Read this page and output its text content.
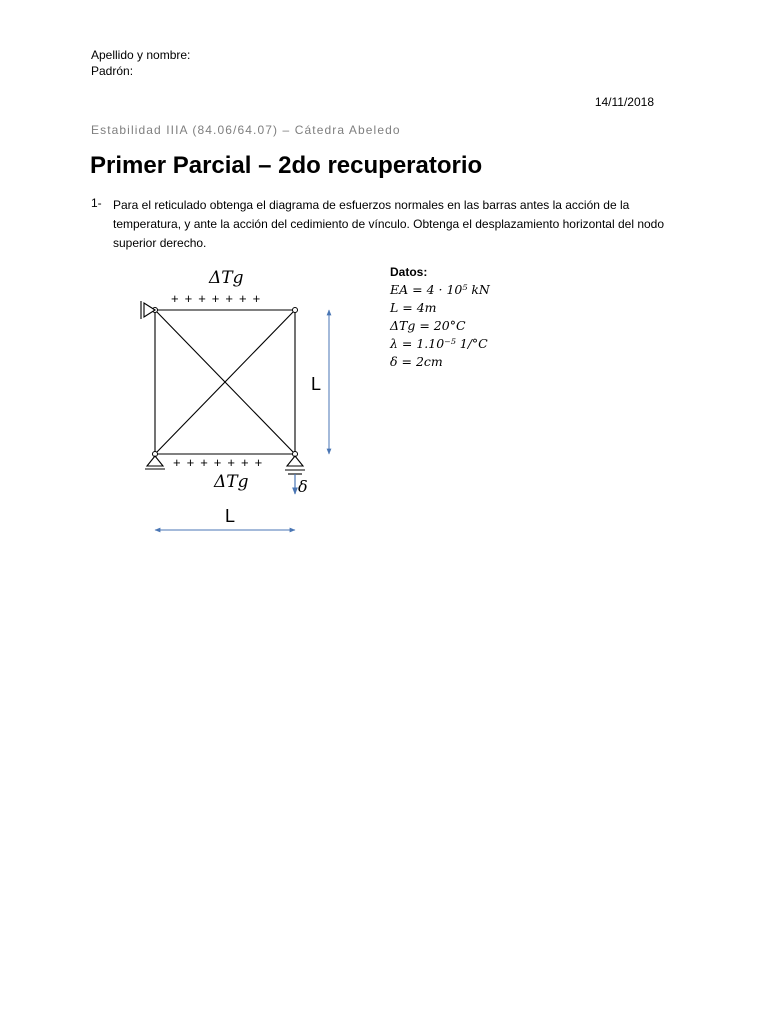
Apellido y nombre:
Padrón:
14/11/2018
Estabilidad IIIA (84.06/64.07) – Cátedra Abeledo
Primer Parcial – 2do recuperatorio
1- Para el reticulado obtenga el diagrama de esfuerzos normales en las barras antes la acción de la temperatura, y ante la acción del cedimiento de vínculo. Obtenga el desplazamiento horizontal del nodo superior derecho.
Datos:
EA = 4 · 10⁵ kN
L = 4m
ΔTg = 20°C
λ = 1.10⁻⁵ 1/°C
δ = 2cm
ΔTg
+ + + + + + +
+ + + + + + +
ΔTg
L
L
δ
